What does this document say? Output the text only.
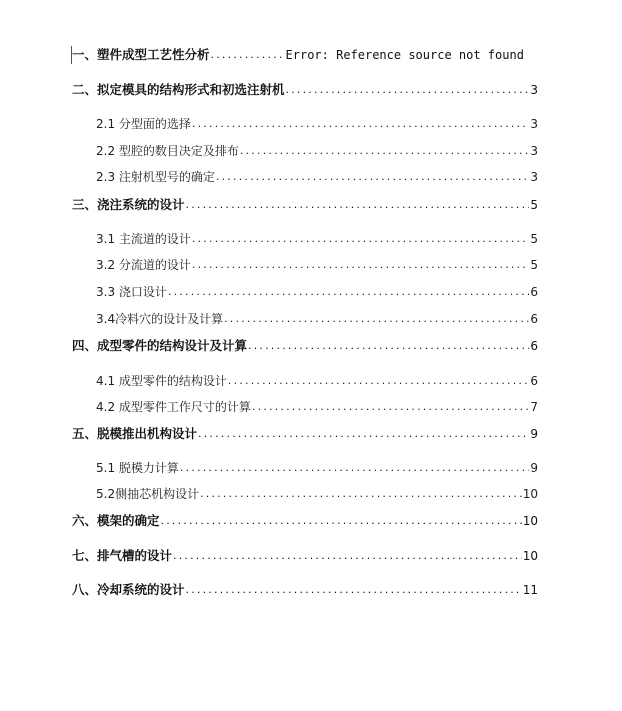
一、塑件成型工艺性分析 .....	Error: Reference source not found
二、拟定模具的结构形式和初选注射机 .....	3
2.1 分型面的选择 .....	3
2.2 型腔的数目决定及排布 .....	3
2.3 注射机型号的确定 .....	3
三、浇注系统的设计 .....	5
3.1 主流道的设计 .....	5
3.2 分流道的设计 .....	5
3.3 浇口设计 .....	6
3.4冷料穴的设计及计算 .....	6
四、成型零件的结构设计及计算 .....	6
4.1 成型零件的结构设计 .....	6
4.2 成型零件工作尺寸的计算 .....	7
五、脱模推出机构设计 .....	9
5.1 脱模力计算 .....	9
5.2侧抽芯机构设计 .....	10
六、模架的确定 .....	10
七、排气槽的设计 .....	10
八、冷却系统的设计 .....	11
